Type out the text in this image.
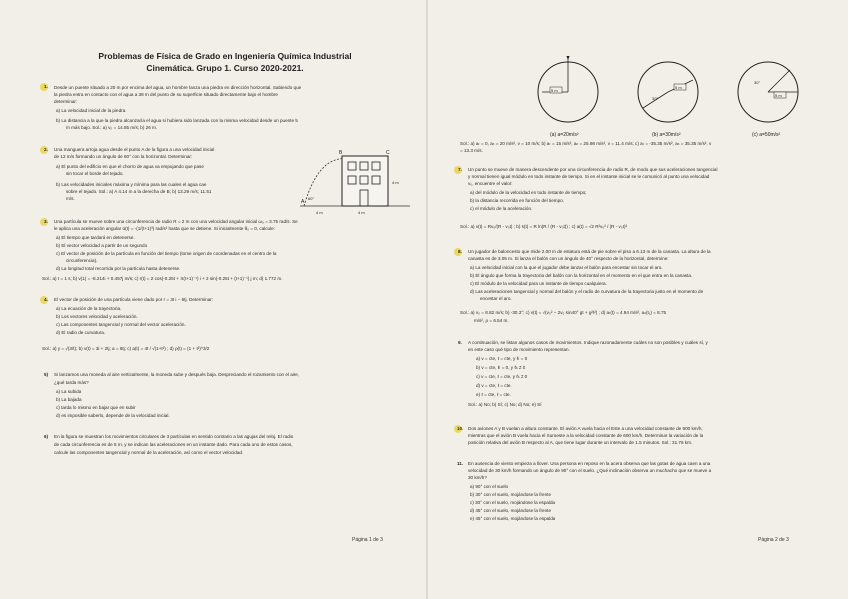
Problemas de Física de Grado en Ingeniería Química Industrial
Cinemática. Grupo 1. Curso 2020-2021.
1. Desde un puente situado a 20 m por encima del agua, un hombre lanza una piedra en dirección horizontal. Sabiendo que
la piedra entra en contacto con el agua a 38 m del punto de su superficie situado directamente bajo el hombre
determinar:
a) La velocidad inicial de la piedra.
b) La distancia a la que la piedra alcanzaría el agua si hubiera sido lanzada con la misma velocidad desde un puente 5
m más bajo. Sol.: a) v₀ = 14.85 m/s; b) 26 m.
2. Una manguera arroja agua desde el punto A de la figura a una velocidad inicial
de 12 m/s formando un ángulo de 60° con la horizontal. Determinar:
a) El punto del edificio en que el chorro de agua va empujando que pase
sin tocar el borde del tejado.
b) Las velocidades iniciales máxima y mínima para las cuales el agua cae
sobre el tejado. Sol.: a) A 4.14 m a la derecha de B; b) 13.29 m/s; 11.51
m/s.
A
B	C
60°
4 m	4 m
4 m
3. Una partícula se mueve sobre una circunferencia de radio R = 2 m con una velocidad angular inicial ω₀ = 3.75 rad/s. Se
le aplica una aceleración angular α(t) = -(1/(t+1)³) rad/s² hasta que se detiene. Si inicialmente θ₀ = 0, calcule:
a) El tiempo que tardará en detenerse.
b) El vector velocidad a partir de un segundo
c) El vector de posición de la partícula en función del tiempo (tome origen de coordenadas en el centro de la
circunferencia).
d) La longitud total recorrida por la partícula hasta detenerse.
Sol.: a) t = 1 s; b) v(1) = -8.214i + 0.457j m/s; c) r(t) = 2 cos(-0.25t + π(t+1)⁻¹) i + 2 sin(-0.25t + (t+1)⁻¹) j m; d) 1.772 m.
4. El vector de posición de una partícula viene dado por r = 3t i − 6tj. Determinar:
a) La ecuación de la trayectoria.
b) Los vectores velocidad y aceleración.
c) Las componentes tangencial y normal del vector aceleración.
d) El radio de curvatura.
Sol.: a) y = √(3/t); b) v(t) = 3i + 2tj; a = 6tj; c) a(t) = 4t / √(1+t²) ; d) ρ(t) = (1 + t²)^3/2
5) Si lanzamos una moneda al aire verticalmente, la moneda sube y después baja. Despreciando el rozamiento con el aire,
¿qué tarda más?
a) La subida
b) La bajada
c) tarda lo mismo en bajar que en subir
d) es imposible saberlo, depende de la velocidad inicial.
6) En la figura se muestran los movimientos circulares de 3 partículas en sentido contrario a las agujas del reloj. El radio
de cada circunferencia es de 5 m, y se indican las aceleraciones en un instante dado. Para cada uno de estos casos,
calcule las componentes tangencial y normal de la aceleración, así como el vector velocidad.
Página 1 de 3
5 m
(a) a=20m/s²
5 m
30°
(b) a=30m/s²
5 m
30°
(c) a=50m/s²
Sol.: a) aₜ = 0, aₙ = 20 m/s², v = 10 m/s; b) aₜ = 15 m/s², aₙ = 25.98 m/s², v = 11.4 m/s; c) aₜ = -35.35 m/s², aₙ = 35.35 m/s², v
= 13.3 m/s.
7. Un punto se mueve de manera descendente por una circunferencia de radio R, de modo que sus aceleraciones tangencial
y normal tienen igual módulo en todo instante de tiempo. Si en el instante inicial se le comunicó al punto una velocidad
v₀, encuentre el valor:
a) del módulo de la velocidad en todo instante de tiempo;
b) la distancia recorrida en función del tiempo.
c) el módulo de la aceleración.
Sol.: a) v(t) = Rv₀/(R - v₀t) ; b) s(t) = R ln(R / (R - v₀t)) ; c) a(t) = √2 R²v₀² / (R - v₀t)²
8. Un jugador de baloncesto que mide 2.00 m de estatura está de pie sobre el piso a 6.13 m de la canasta. La altura de la
canasta es de 3.05 m. Si lanza el balón con un ángulo de 40° respecto de la horizontal, determine:
a) La velocidad inicial con la que el jugador debe lanzar el balón para encestar sin tocar el aro.
b) El ángulo que forma la trayectoria del balón con la horizontal en el momento en el que entra en la canasta.
c) El módulo de la velocidad para un instante de tiempo cualquiera.
d) Las aceleraciones tangencial y normal del balón y el radio de curvatura de la trayectoria justo en el momento de
encestar el aro.
Sol.: a) v₀ = 8.82 m/s; b) -30.3°; c) v(t) = √(v₀² − 2v₀ sin40° gt + g²t²) ; d) aₜ(t) = 4.94 m/s², aₙ(t₁) = 8.75
m/s², ρ = 6.54 m.
9. A continuación, se listan algunos casos de movimientos. Indique razonadamente cuáles no son posibles y cuáles sí, y
en este caso qué tipo de movimiento representan.
a) v = cte, ℓ = cte, y ℓ̂ₜ = 0
b) v = cte, ℓ̂ₜ = 0, y ℓ̂ₙ ≠ 0
c) v = cte, ℓ = cte, y ℓ̂ₙ ≠ 0
d) v = cte, ℓ = cte.
e) ℓ = cte, ℓ = cte.
Sol.: a) No; b) Sí; c) No; d) No; e) Sí
10. Dos aviones A y B vuelan a altura constante. El avión A vuela hacia el Este a una velocidad constante de 900 km/h,
mientras que el avión B vuela hacia el Suroeste a la velocidad constante de 600 km/h. Determinar la variación de la
posición relativa del avión B respecto al A, que tiene lugar durante un intervalo de 1.5 minutos. Sol.: 31.76 km.
11. En ausencia de viento empieza a llover. Una persona en reposo en la acera observa que las gotas de agua caen a una
velocidad de 30 km/h formando un ángulo de 90° con el suelo. ¿Qué inclinación observa un muchacho que se mueve a
30 km/h?
a) 90° con el suelo
b) 30° con el suelo, mojándose la frente
c) 30° con el suelo, mojándose la espalda
d) 45° con el suelo, mojándose la frente
e) 45° con el suelo, mojándose la espalda
Página 2 de 3
